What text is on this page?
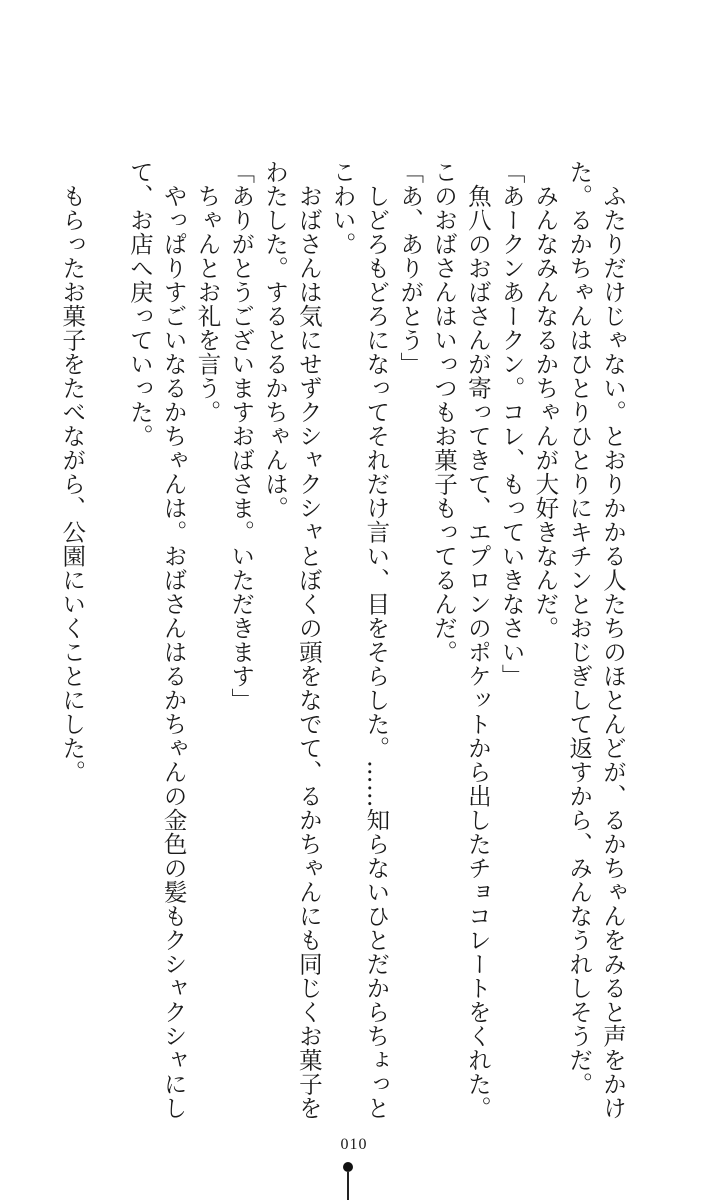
　ふたりだけじゃない。とおりかかる人たちのほとんどが、るかちゃんをみると声をかけ
た。るかちゃんはひとりひとりにキチンとおじぎして返すから、みんなうれしそうだ。
　みんなみんなるかちゃんが大好きなんだ。
「あークンあークン。コレ、もっていきなさい」
　魚八のおばさんが寄ってきて、エプロンのポケットから出したチョコレートをくれた。
このおばさんはいっつもお菓子もってるんだ。
「あ、ありがとう」
　しどろもどろになってそれだけ言い、目をそらした。……知らないひとだからちょっと
こわい。
　おばさんは気にせずクシャクシャとぼくの頭をなでて、るかちゃんにも同じくお菓子を
わたした。するとるかちゃんは。
「ありがとうございますおばさま。いただきます」
　ちゃんとお礼を言う。
　やっぱりすごいなるかちゃんは。おばさんはるかちゃんの金色の髪もクシャクシャにし
て、お店へ戻っていった。
　もらったお菓子をたべながら、公園にいくことにした。
010
